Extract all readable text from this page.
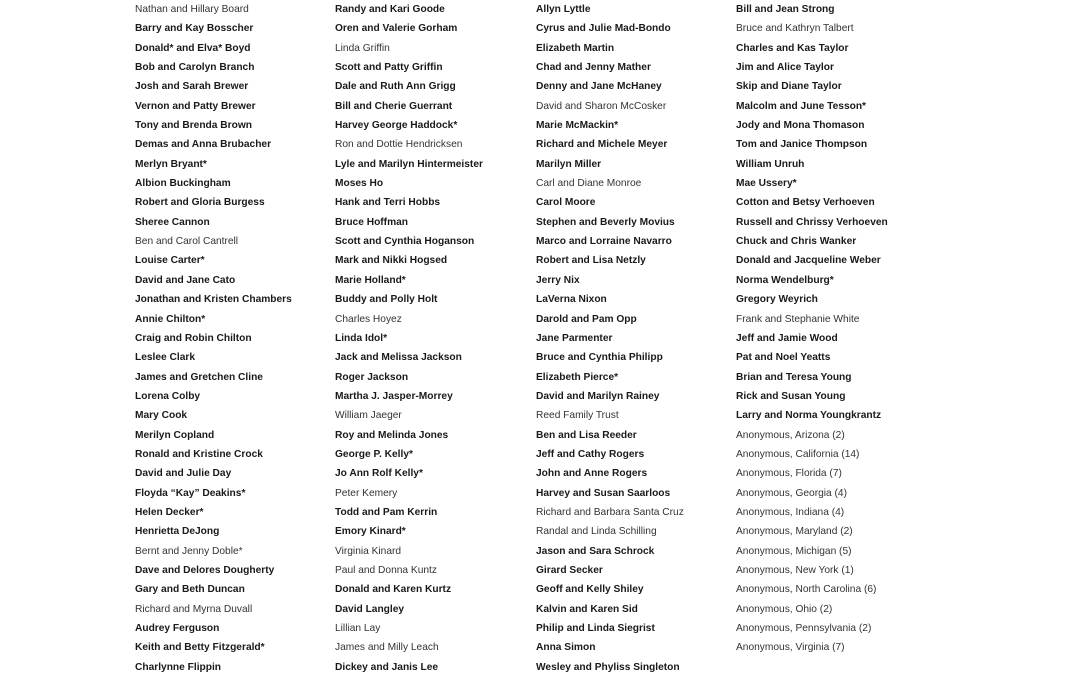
Nathan and Hillary Board
Barry and Kay Bosscher
Donald* and Elva* Boyd
Bob and Carolyn Branch
Josh and Sarah Brewer
Vernon and Patty Brewer
Tony and Brenda Brown
Demas and Anna Brubacher
Merlyn Bryant*
Albion Buckingham
Robert and Gloria Burgess
Sheree Cannon
Ben and Carol Cantrell
Louise Carter*
David and Jane Cato
Jonathan and Kristen Chambers
Annie Chilton*
Craig and Robin Chilton
Leslee Clark
James and Gretchen Cline
Lorena Colby
Mary Cook
Merilyn Copland
Ronald and Kristine Crock
David and Julie Day
Floyda “Kay” Deakins*
Helen Decker*
Henrietta DeJong
Bernt and Jenny Doble*
Dave and Delores Dougherty
Gary and Beth Duncan
Richard and Myrna Duvall
Audrey Ferguson
Keith and Betty Fitzgerald*
Charlynne Flippin
Randy and Kari Goode
Oren and Valerie Gorham
Linda Griffin
Scott and Patty Griffin
Dale and Ruth Ann Grigg
Bill and Cherie Guerrant
Harvey George Haddock*
Ron and Dottie Hendricksen
Lyle and Marilyn Hintermeister
Moses Ho
Hank and Terri Hobbs
Bruce Hoffman
Scott and Cynthia Hoganson
Mark and Nikki Hogsed
Marie Holland*
Buddy and Polly Holt
Charles Hoyez
Linda Idol*
Jack and Melissa Jackson
Roger Jackson
Martha J. Jasper-Morrey
William Jaeger
Roy and Melinda Jones
George P. Kelly*
Jo Ann Rolf Kelly*
Peter Kemery
Todd and Pam Kerrin
Emory Kinard*
Virginia Kinard
Paul and Donna Kuntz
Donald and Karen Kurtz
David Langley
Lillian Lay
James and Milly Leach
Dickey and Janis Lee
Allyn Lyttle
Cyrus and Julie Mad-Bondo
Elizabeth Martin
Chad and Jenny Mather
Denny and Jane McHaney
David and Sharon McCosker
Marie McMackin*
Richard and Michele Meyer
Marilyn Miller
Carl and Diane Monroe
Carol Moore
Stephen and Beverly Movius
Marco and Lorraine Navarro
Robert and Lisa Netzly
Jerry Nix
LaVerna Nixon
Darold and Pam Opp
Jane Parmenter
Bruce and Cynthia Philipp
Elizabeth Pierce*
David and Marilyn Rainey
Reed Family Trust
Ben and Lisa Reeder
Jeff and Cathy Rogers
John and Anne Rogers
Harvey and Susan Saarloos
Richard and Barbara Santa Cruz
Randal and Linda Schilling
Jason and Sara Schrock
Girard Secker
Geoff and Kelly Shiley
Kalvin and Karen Sid
Philip and Linda Siegrist
Anna Simon
Wesley and Phyliss Singleton
Bill and Jean Strong
Bruce and Kathryn Talbert
Charles and Kas Taylor
Jim and Alice Taylor
Skip and Diane Taylor
Malcolm and June Tesson*
Jody and Mona Thomason
Tom and Janice Thompson
William Unruh
Mae Ussery*
Cotton and Betsy Verhoeven
Russell and Chrissy Verhoeven
Chuck and Chris Wanker
Donald and Jacqueline Weber
Norma Wendelburg*
Gregory Weyrich
Frank and Stephanie White
Jeff and Jamie Wood
Pat and Noel Yeatts
Brian and Teresa Young
Rick and Susan Young
Larry and Norma Youngkrantz
Anonymous, Arizona (2)
Anonymous, California (14)
Anonymous, Florida (7)
Anonymous, Georgia (4)
Anonymous, Indiana (4)
Anonymous, Maryland (2)
Anonymous, Michigan (5)
Anonymous, New York (1)
Anonymous, North Carolina (6)
Anonymous, Ohio (2)
Anonymous, Pennsylvania (2)
Anonymous, Virginia (7)
